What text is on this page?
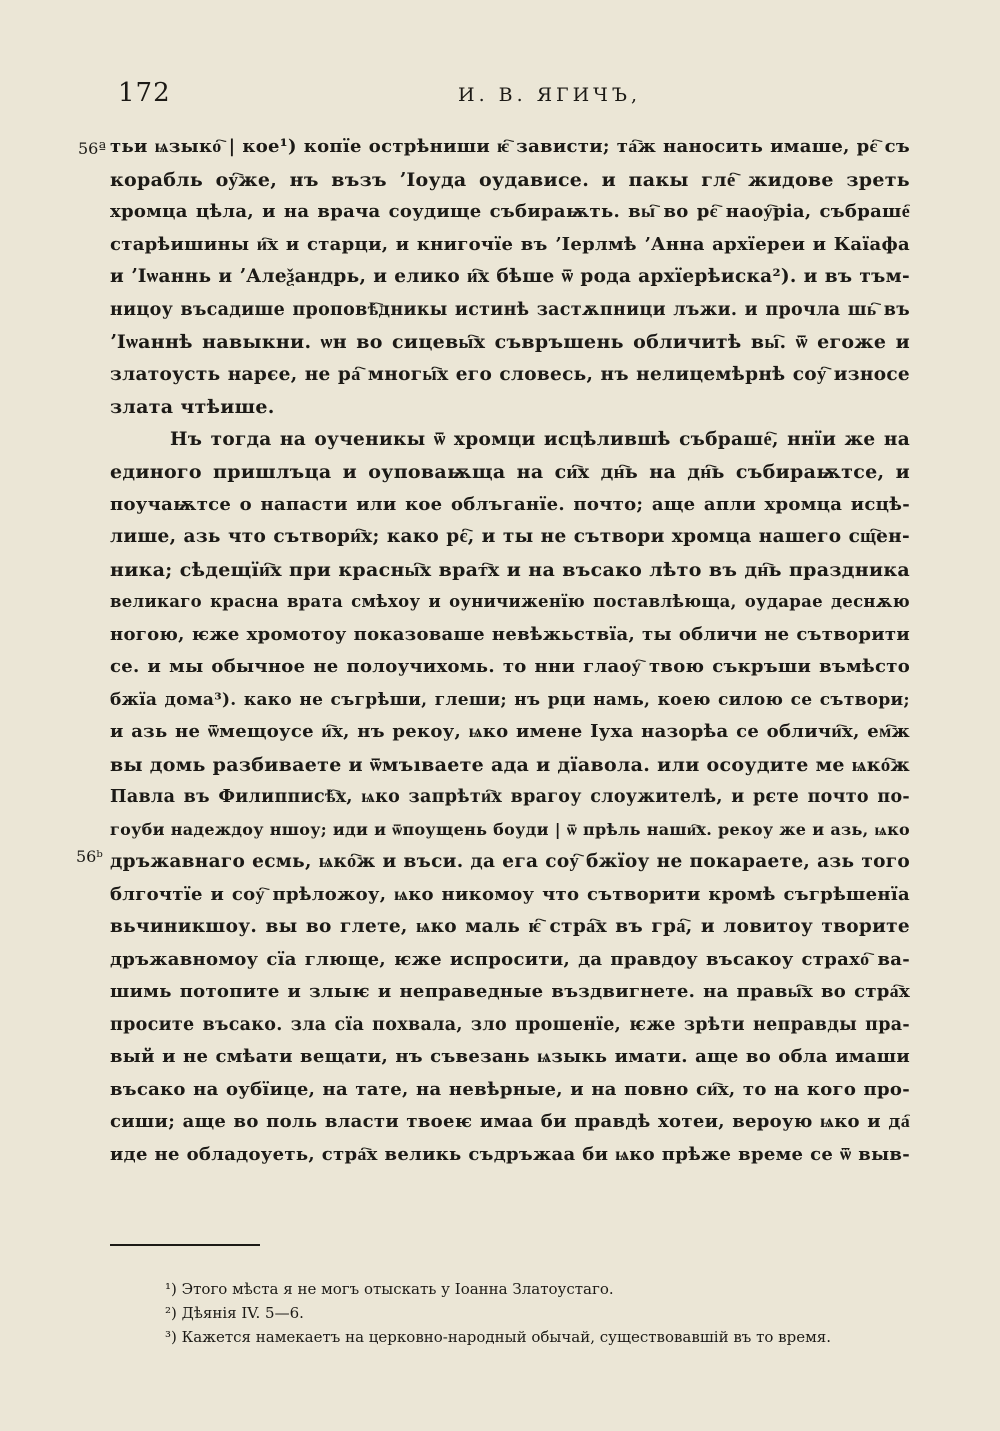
172	И. В. ЯГИЧЪ,
56ª
56ᵇ
тьи ѩзыко҇ | кое¹) копїе острѣниши ѥ҇ зависти; та҇ж наносить имаше, рє҇ съ
корабль оу҇же, нъ възъ ʼІоуда оудависе. и пакы гле҇ жидове зреть
хромца цѣла, и на врача соудище събираѭть. вы҇ во рє҇ наоу҇ріа, събраше҇
старѣишины и҇х и старци, и книгочїе въ ʼІерлмѣ ʼАнна архїереи и Каїафа
и ʼІѡаннь и ʼАлеѯандрь, и елико и҇х бѣше ѿ рода архїерѣиска²). и въ тъм-
ницоу въсадише проповѣ҇дникы истинѣ застѫпници лъжи. и прочла шь҇ въ
ʼІѡаннѣ навыкни. ѡн во сицевы҇х съвръшень обличитѣ вы҇. ѿ егоже и
златоусть нарєе, не ра҇ многы҇х его словесь, нъ нелицемѣрнѣ соу҇ износе
злата чтѣише.
Нъ тогда на оученикы ѿ хромци исцѣлившѣ събраше҇, ннїи же на
единого пришлъца и оуповаѭща на си҇х дн҇ь на дн҇ь събираѭтсе, и
поучаѭтсе о напасти или кое облъганїе. почто; аще апли хромца исцѣ-
лише, азь что сътвори҇х; како рє҇, и ты не сътвори хромца нашего сщ҇ен-
ника; сѣдещїи҇х при красны҇х врат҇х и на въсако лѣто въ дн҇ь праздника
великаго красна врата смѣхоу и оуничиженїю поставлѣюща, оударае деснѫю
ногою, ѥже хромотоу показоваше невѣжьствїа, ты обличи не сътворити
се. и мы обычное не полоучихомь. то нни глаоу҇ твою съкръши въмѣсто
бжїа дома³). како не съгрѣши, глеши; нъ рци намь, коею силою се сътвори;
и азь не ѿмещоусе и҇х, нъ рекоу, ѩко имене Іуха назорѣа се обличи҇х, ем҇ж
вы домь разбиваете и ѿмъıваете ада и дїавола. или осоудите ме ѩко҇ж
Павла въ Филипписѣ҇х, ѩко запрѣти҇х врагоу слоужителѣ, и рєте почто по-
гоуби надеждоу ншоу; иди и ѿпоущень боуди | ѿ прѣль наши҇х. рекоу же и азь, ѩко
дръжавнаго есмь, ѩко҇ж и въси. да ега соу҇ бжїоу не покараете, азь того
блгочтїе и соу҇ прѣложоу, ѩко никомоу что сътворити кромѣ съгрѣшенїа
вьчиникшоу. вы во глете, ѩко маль ѥ҇ стра҇х въ гра҇, и ловитоу творите
дръжавномоу сїа глюще, ѥже испросити, да правдоу въсакоу страхо҇ ва-
шимь потопите и злыѥ и неправедные въздвигнете. на правы҇х во стра҇х
просите въсако. зла сїа похвала, зло прошенїе, ѥже зрѣти неправды пра-
вый и не смѣати вещати, нъ съвезань ѩзыкь имати. аще во обла имаши
въсако на оубїице, на тате, на невѣрные, и на повно си҇х, то на кого про-
сиши; аще во поль власти твоеѥ имаа би правдѣ хотеи, вероую ѩко и да҇
иде не обладоуеть, стра҇х великь съдръжаа би ѩко прѣже време се ѿ выв-
¹) Этого мѣста я не могъ отыскать у Іоанна Златоустаго.
²) Дѣянія IV. 5—6.
³) Кажется намекаетъ на церковно-народный обычай, существовавшій въ то время.
